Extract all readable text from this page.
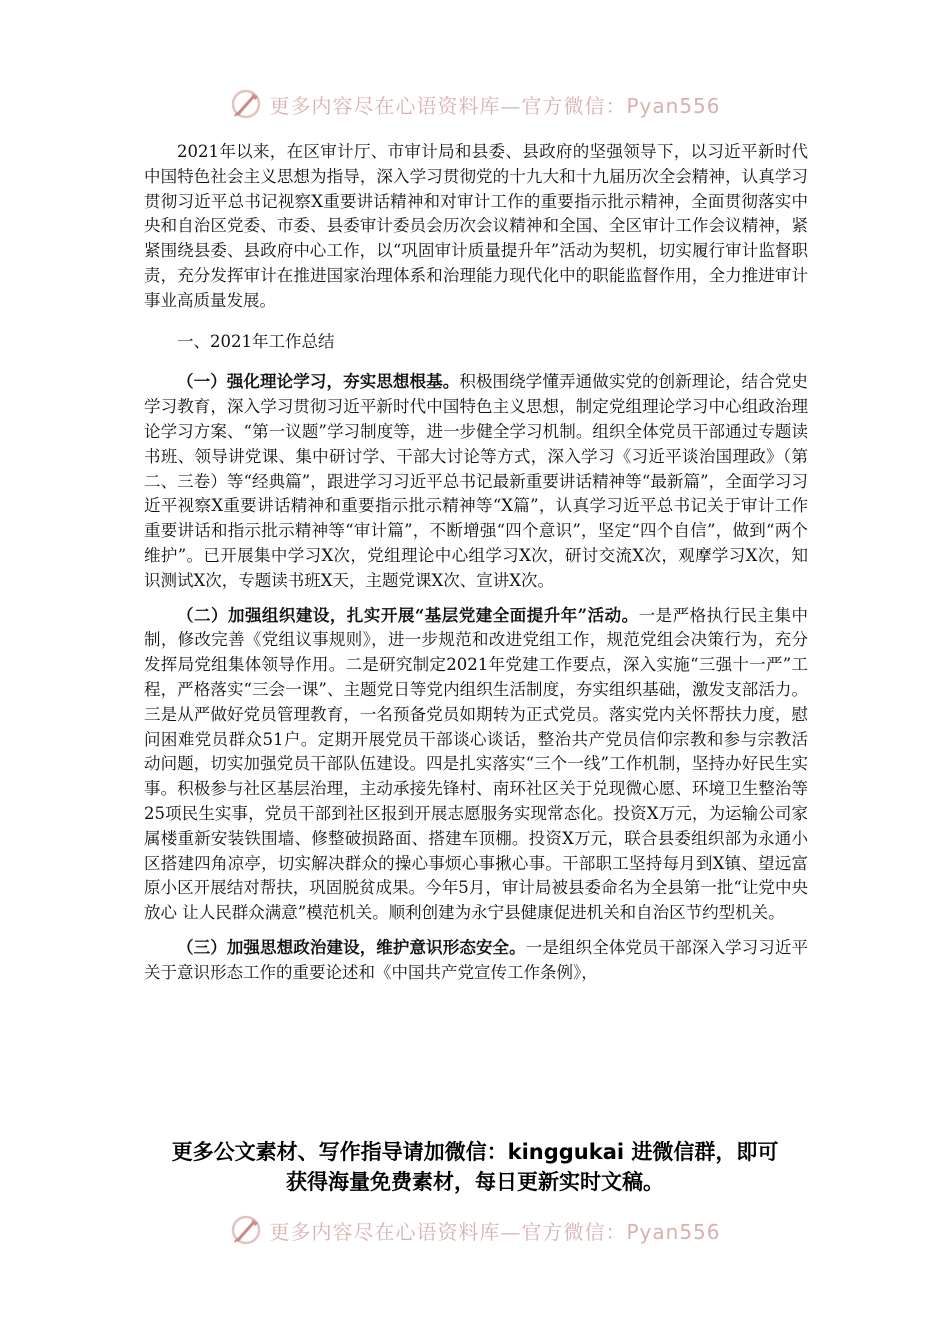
更多内容尽在心语资料库—官方微信：Pyan556

2021年以来，在区审计厅、市审计局和县委、县政府的坚强领导下，以习近平新时代中国特色社会主义思想为指导，深入学习贯彻党的十九大和十九届历次全会精神，认真学习贯彻习近平总书记视察X重要讲话精神和对审计工作的重要指示批示精神，全面贯彻落实中央和自治区党委、市委、县委审计委员会历次会议精神和全国、全区审计工作会议精神，紧紧围绕县委、县政府中心工作，以“巩固审计质量提升年”活动为契机，切实履行审计监督职责，充分发挥审计在推进国家治理体系和治理能力现代化中的职能监督作用，全力推进审计事业高质量发展。

一、2021年工作总结

（一）强化理论学习，夯实思想根基。积极围绕学懂弄通做实党的创新理论，结合党史学习教育，深入学习贯彻习近平新时代中国特色主义思想，制定党组理论学习中心组政治理论学习方案、“第一议题”学习制度等，进一步健全学习机制。组织全体党员干部通过专题读书班、领导讲党课、集中研讨学、干部大讨论等方式，深入学习《习近平谈治国理政》（第二、三卷）等“经典篇”，跟进学习习近平总书记最新重要讲话精神等“最新篇”，全面学习习近平视察X重要讲话精神和重要指示批示精神等“X篇”，认真学习近平总书记关于审计工作重要讲话和指示批示精神等“审计篇”，不断增强“四个意识”，坚定“四个自信”，做到“两个维护”。已开展集中学习X次，党组理论中心组学习X次，研讨交流X次，观摩学习X次，知识测试X次，专题读书班X天，主题党课X次、宣讲X次。

（二）加强组织建设，扎实开展“基层党建全面提升年”活动。一是严格执行民主集中制，修改完善《党组议事规则》，进一步规范和改进党组工作，规范党组会决策行为，充分发挥局党组集体领导作用。二是研究制定2021年党建工作要点，深入实施“三强十一严”工程，严格落实“三会一课”、主题党日等党内组织生活制度，夯实组织基础，激发支部活力。三是从严做好党员管理教育，一名预备党员如期转为正式党员。落实党内关怀帮扶力度，慰问困难党员群众51户。定期开展党员干部谈心谈话，整治共产党员信仰宗教和参与宗教活动问题，切实加强党员干部队伍建设。四是扎实落实“三个一线”工作机制，坚持办好民生实事。积极参与社区基层治理，主动承接先锋村、南环社区关于兑现微心愿、环境卫生整治等25项民生实事，党员干部到社区报到开展志愿服务实现常态化。投资X万元，为运输公司家属楼重新安装铁围墙、修整破损路面、搭建车顶棚。投资X万元，联合县委组织部为永通小区搭建四角凉亭，切实解决群众的操心事烦心事揪心事。干部职工坚持每月到X镇、望远富原小区开展结对帮扶，巩固脱贫成果。今年5月，审计局被县委命名为全县第一批“让党中央放心 让人民群众满意”模范机关。顺利创建为永宁县健康促进机关和自治区节约型机关。

（三）加强思想政治建设，维护意识形态安全。一是组织全体党员干部深入学习习近平关于意识形态工作的重要论述和《中国共产党宣传工作条例》，

更多公文素材、写作指导请加微信：kinggukai 进微信群，即可
获得海量免费素材，每日更新实时文稿。
更多内容尽在心语资料库—官方微信：Pyan556
